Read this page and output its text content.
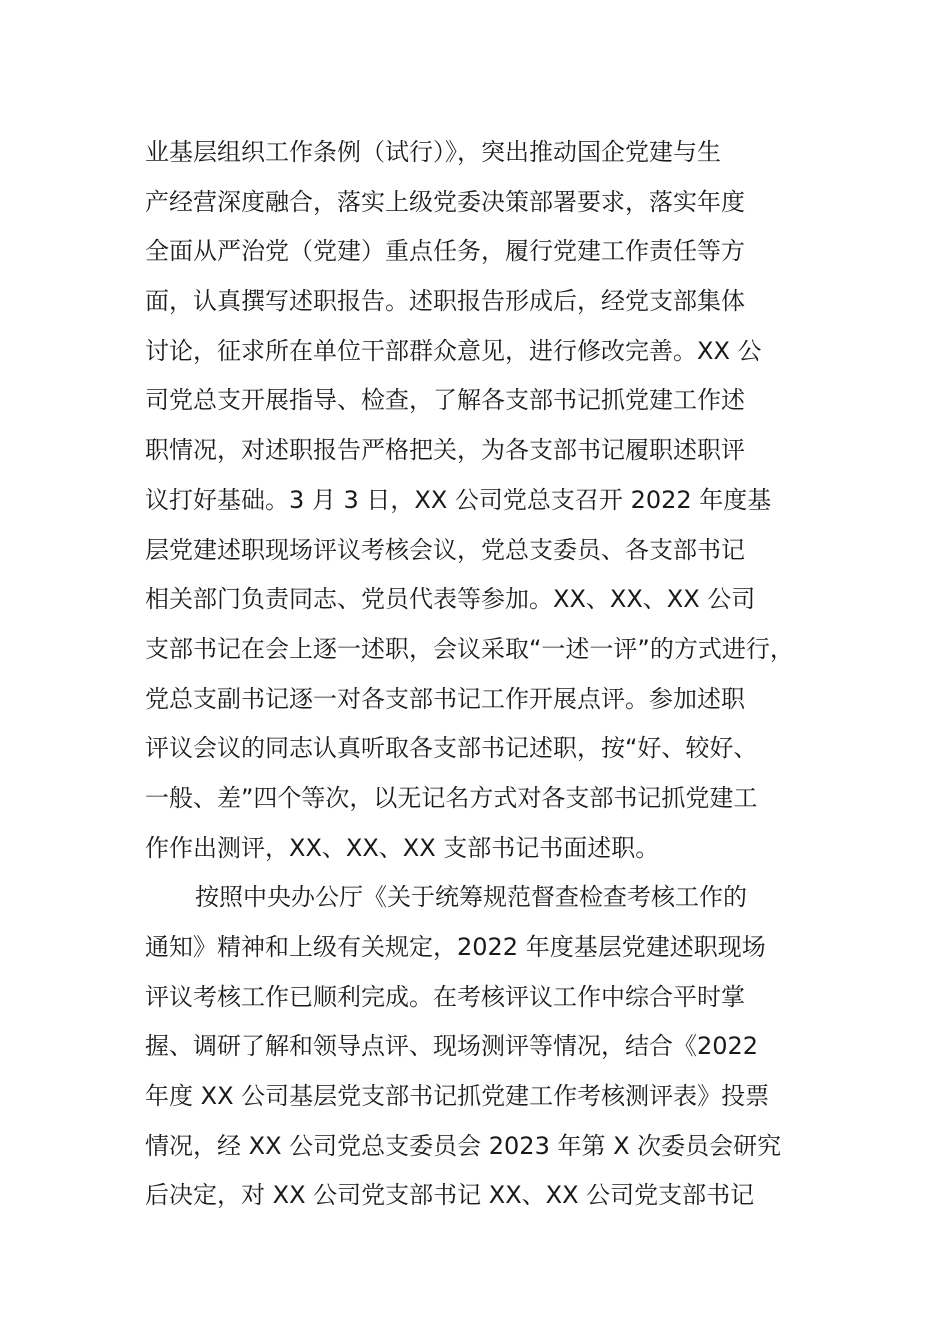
业基层组织工作条例（试行）》，突出推动国企党建与生
产经营深度融合，落实上级党委决策部署要求，落实年度
全面从严治党（党建）重点任务，履行党建工作责任等方
面，认真撰写述职报告。述职报告形成后，经党支部集体
讨论，征求所在单位干部群众意见，进行修改完善。XX 公
司党总支开展指导、检查，了解各支部书记抓党建工作述
职情况，对述职报告严格把关，为各支部书记履职述职评
议打好基础。3 月 3 日，XX 公司党总支召开 2022 年度基
层党建述职现场评议考核会议，党总支委员、各支部书记
相关部门负责同志、党员代表等参加。XX、XX、XX 公司
支部书记在会上逐一述职，会议采取“一述一评”的方式进行，
党总支副书记逐一对各支部书记工作开展点评。参加述职
评议会议的同志认真听取各支部书记述职，按“好、较好、
一般、差”四个等次，以无记名方式对各支部书记抓党建工
作作出测评，XX、XX、XX 支部书记书面述职。
按照中央办公厅《关于统筹规范督查检查考核工作的
通知》精神和上级有关规定，2022 年度基层党建述职现场
评议考核工作已顺利完成。在考核评议工作中综合平时掌
握、调研了解和领导点评、现场测评等情况，结合《2022
年度 XX 公司基层党支部书记抓党建工作考核测评表》投票
情况，经 XX 公司党总支委员会 2023 年第 X 次委员会研究
后决定，对 XX 公司党支部书记 XX、XX 公司党支部书记
